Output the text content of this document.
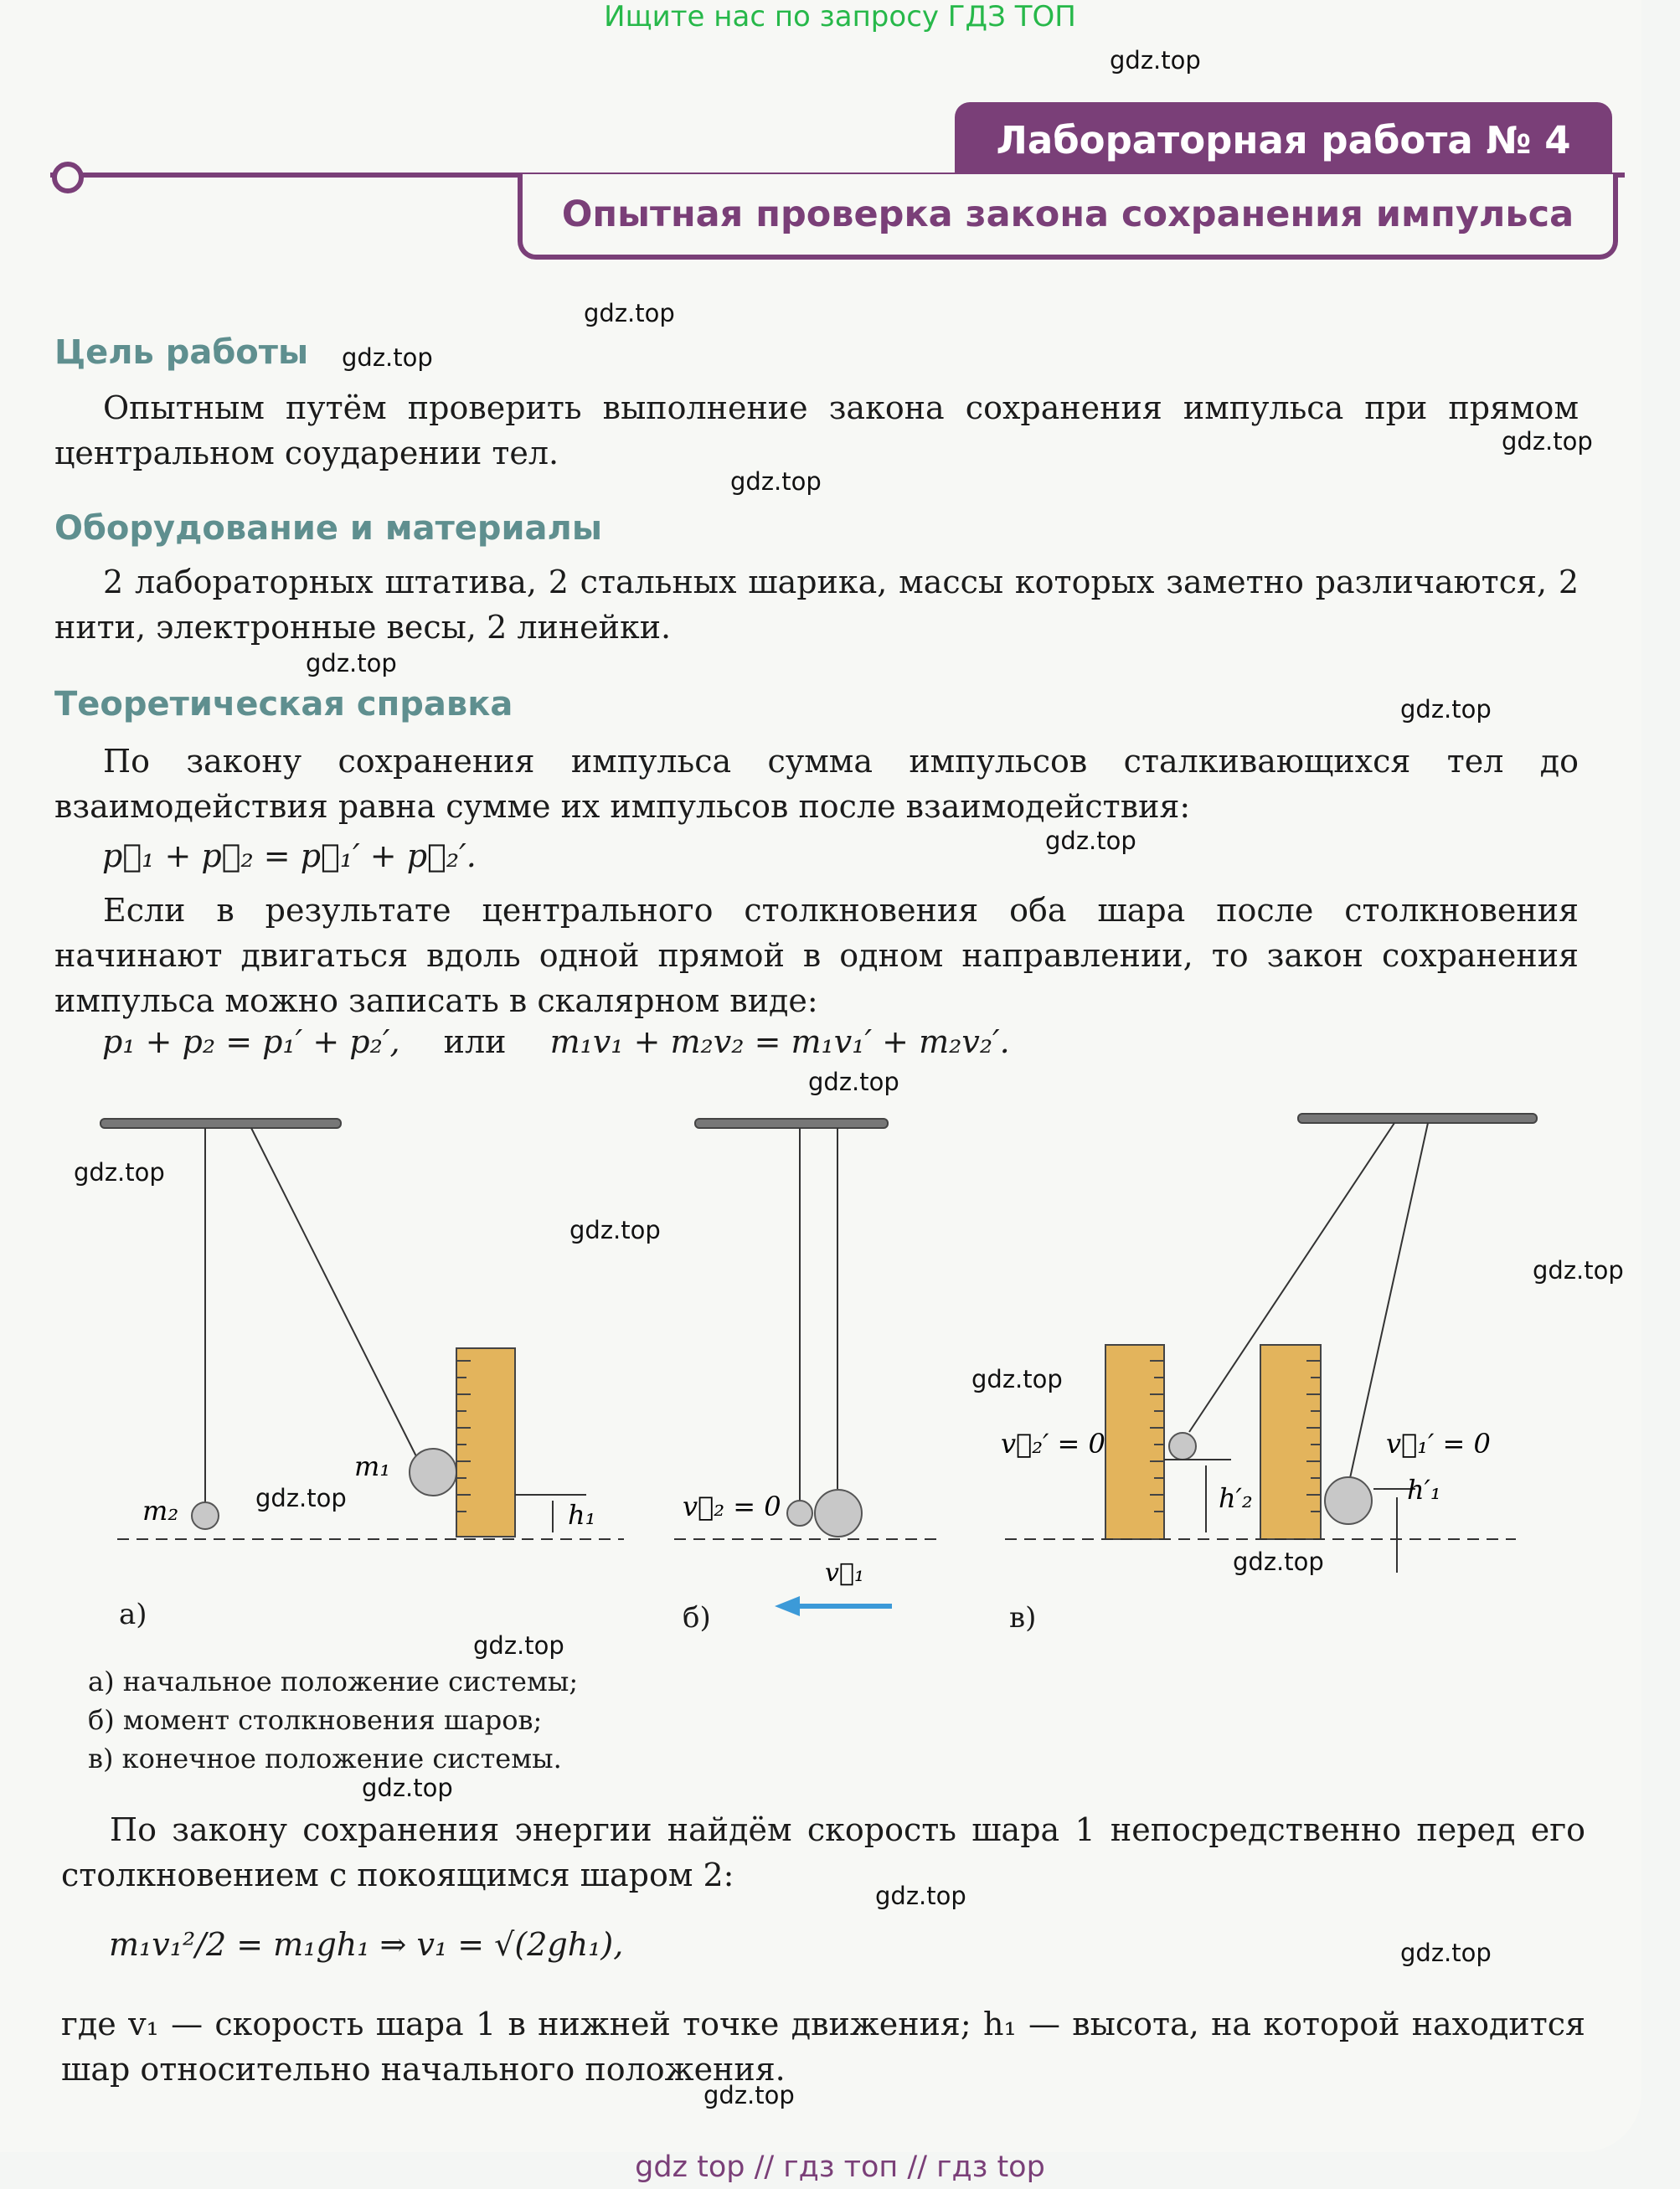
Ищите нас по запросу ГДЗ ТОП
Лабораторная работа № 4
Опытная проверка закона сохранения импульса
gdz.top
gdz.top
gdz.top
gdz.top
gdz.top
gdz.top
gdz.top
gdz.top
gdz.top
gdz.top
gdz.top
gdz.top
gdz.top
gdz.top
gdz.top
gdz.top
gdz.top
gdz.top
gdz.top
gdz.top
Цель работы
Опытным путём проверить выполнение закона сохранения импульса при прямом центральном соударении тел.
Оборудование и материалы
2 лабораторных штатива, 2 стальных шарика, массы которых заметно различаются, 2 нити, электронные весы, 2 линейки.
Теоретическая справка
По закону сохранения импульса сумма импульсов сталкивающихся тел до взаимодействия равна сумме их импульсов после взаимодействия:
p⃗₁ + p⃗₂ = p⃗₁′ + p⃗₂′.
Если в результате центрального столкновения оба шара после столкновения начинают двигаться вдоль одной прямой в одном направлении, то закон сохранения импульса можно записать в скалярном виде:
p₁ + p₂ = p₁′ + p₂′, или m₁v₁ + m₂v₂ = m₁v₁′ + m₂v₂′.
m₁
m₂	h₁	v⃗₂ = 0
v⃗₁
v⃗₂′ = 0	v⃗₁′ = 0
h′₂	h′₁
а)	б)	в)
а) начальное положение системы;
б) момент столкновения шаров;
в) конечное положение системы.
По закону сохранения энергии найдём скорость шара 1 непосредственно перед его столкновением с покоящимся шаром 2:
m₁v₁²/2 = m₁gh₁ ⇒ v₁ = √(2gh₁),
где v₁ — скорость шара 1 в нижней точке движения; h₁ — высота, на которой находится шар относительно начального положения.
gdz top // гдз топ // гдз top
